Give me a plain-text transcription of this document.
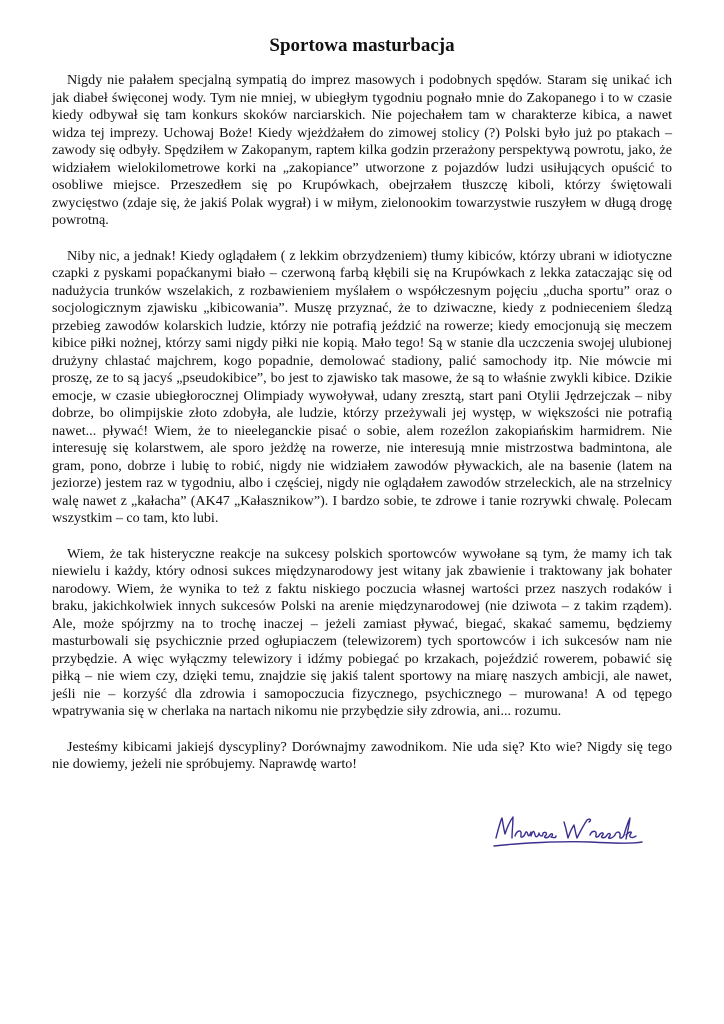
Sportowa masturbacja

Nigdy nie pałałem specjalną sympatią do imprez masowych i podobnych spędów. Staram się unikać ich jak diabeł święconej wody. Tym nie mniej, w ubiegłym tygodniu pognało mnie do Zakopanego i to w czasie kiedy odbywał się tam konkurs skoków narciarskich. Nie pojechałem tam w charakterze kibica, a nawet widza tej imprezy. Uchowaj Boże! Kiedy wjeżdżałem do zimowej stolicy (?) Polski było już po ptakach – zawody się odbyły. Spędziłem w Zakopanym, raptem kilka godzin przerażony perspektywą powrotu, jako, że widziałem wielokilometrowe korki na „zakopiance” utworzone z pojazdów ludzi usiłujących opuścić to osobliwe miejsce. Przeszedłem się po Krupówkach, obejrzałem tłuszczę kiboli, którzy świętowali zwycięstwo (zdaje się, że jakiś Polak wygrał) i w miłym, zielonookim towarzystwie ruszyłem w długą drogę powrotną.

Niby nic, a jednak! Kiedy oglądałem ( z lekkim obrzydzeniem) tłumy kibiców, którzy ubrani w idiotyczne czapki z pyskami popaćkanymi biało – czerwoną farbą kłębili się na Krupówkach z lekka zataczając się od nadużycia trunków wszelakich, z rozbawieniem myślałem o współczesnym pojęciu „ducha sportu” oraz o socjologicznym zjawisku „kibicowania”. Muszę przyznać, że to dziwaczne, kiedy z podnieceniem śledzą przebieg zawodów kolarskich ludzie, którzy nie potrafią jeździć na rowerze; kiedy emocjonują się meczem kibice piłki nożnej, którzy sami nigdy piłki nie kopią. Mało tego! Są w stanie dla uczczenia swojej ulubionej drużyny chlastać majchrem, kogo popadnie, demolować stadiony, palić samochody itp. Nie mówcie mi proszę, ze to są jacyś „pseudokibice”, bo jest to zjawisko tak masowe, że są to właśnie zwykli kibice. Dzikie emocje, w czasie ubiegłorocznej Olimpiady wywoływał, udany zresztą, start pani Otylii Jędrzejczak – niby dobrze, bo olimpijskie złoto zdobyła, ale ludzie, którzy przeżywali jej występ, w większości nie potrafią nawet... pływać! Wiem, że to nieeleganckie pisać o sobie, alem rozeźlon zakopiańskim harmidrem. Nie interesuję się kolarstwem, ale sporo jeżdżę na rowerze, nie interesują mnie mistrzostwa badmintona, ale gram, pono, dobrze i lubię to robić, nigdy nie widziałem zawodów pływackich, ale na basenie (latem na jeziorze) jestem raz w tygodniu, albo i częściej, nigdy nie oglądałem zawodów strzeleckich, ale na strzelnicy walę nawet z „kałacha” (AK47 „Kałasznikow”). I bardzo sobie, te zdrowe i tanie rozrywki chwalę. Polecam wszystkim – co tam, kto lubi.

Wiem, że tak histeryczne reakcje na sukcesy polskich sportowców wywołane są tym, że mamy ich tak niewielu i każdy, który odnosi sukces międzynarodowy jest witany jak zbawienie i traktowany jak bohater narodowy. Wiem, że wynika to też z faktu niskiego poczucia własnej wartości przez naszych rodaków i braku, jakichkolwiek innych sukcesów Polski na arenie międzynarodowej (nie dziwota – z takim rządem). Ale, może spójrzmy na to trochę inaczej – jeżeli zamiast pływać, biegać, skakać samemu, będziemy masturbowali się psychicznie przed ogłupiaczem (telewizorem) tych sportowców i ich sukcesów nam nie przybędzie. A więc wyłączmy telewizory i idźmy pobiegać po krzakach, pojeździć rowerem, pobawić się piłką – nie wiem czy, dzięki temu, znajdzie się jakiś talent sportowy na miarę naszych ambicji, ale nawet, jeśli nie – korzyść dla zdrowia i samopoczucia fizycznego, psychicznego – murowana! A od tępego wpatrywania się w cherlaka na nartach nikomu nie przybędzie siły zdrowia, ani... rozumu.

Jesteśmy kibicami jakiejś dyscypliny? Dorównajmy zawodnikom. Nie uda się? Kto wie? Nigdy się tego nie dowiemy, jeżeli nie spróbujemy. Naprawdę warto!
